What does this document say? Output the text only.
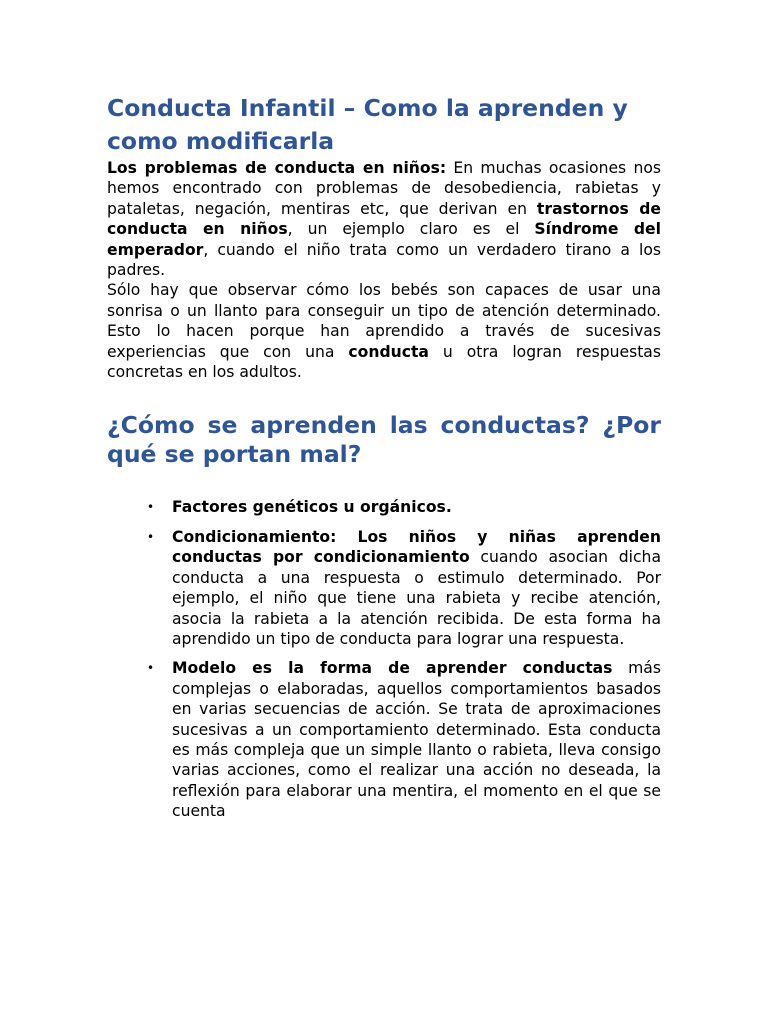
Conducta Infantil – Como la aprenden y como modificarla

Los problemas de conducta en niños: En muchas ocasiones nos hemos encontrado con problemas de desobediencia, rabietas y pataletas, negación, mentiras etc, que derivan en trastornos de conducta en niños, un ejemplo claro es el Síndrome del emperador, cuando el niño trata como un verdadero tirano a los padres.

Sólo hay que observar cómo los bebés son capaces de usar una sonrisa o un llanto para conseguir un tipo de atención determinado. Esto lo hacen porque han aprendido a través de sucesivas experiencias que con una conducta u otra logran respuestas concretas en los adultos.

¿Cómo se aprenden las conductas? ¿Por qué se portan mal?
• Factores genéticos u orgánicos.
• Condicionamiento: Los niños y niñas aprenden conductas por condicionamiento cuando asocian dicha conducta a una respuesta o estimulo determinado. Por ejemplo, el niño que tiene una rabieta y recibe atención, asocia la rabieta a la atención recibida. De esta forma ha aprendido un tipo de conducta para lograr una respuesta.
• Modelo es la forma de aprender conductas más complejas o elaboradas, aquellos comportamientos basados en varias secuencias de acción. Se trata de aproximaciones sucesivas a un comportamiento determinado. Esta conducta es más compleja que un simple llanto o rabieta, lleva consigo varias acciones, como el realizar una acción no deseada, la reflexión para elaborar una mentira, el momento en el que se cuenta
